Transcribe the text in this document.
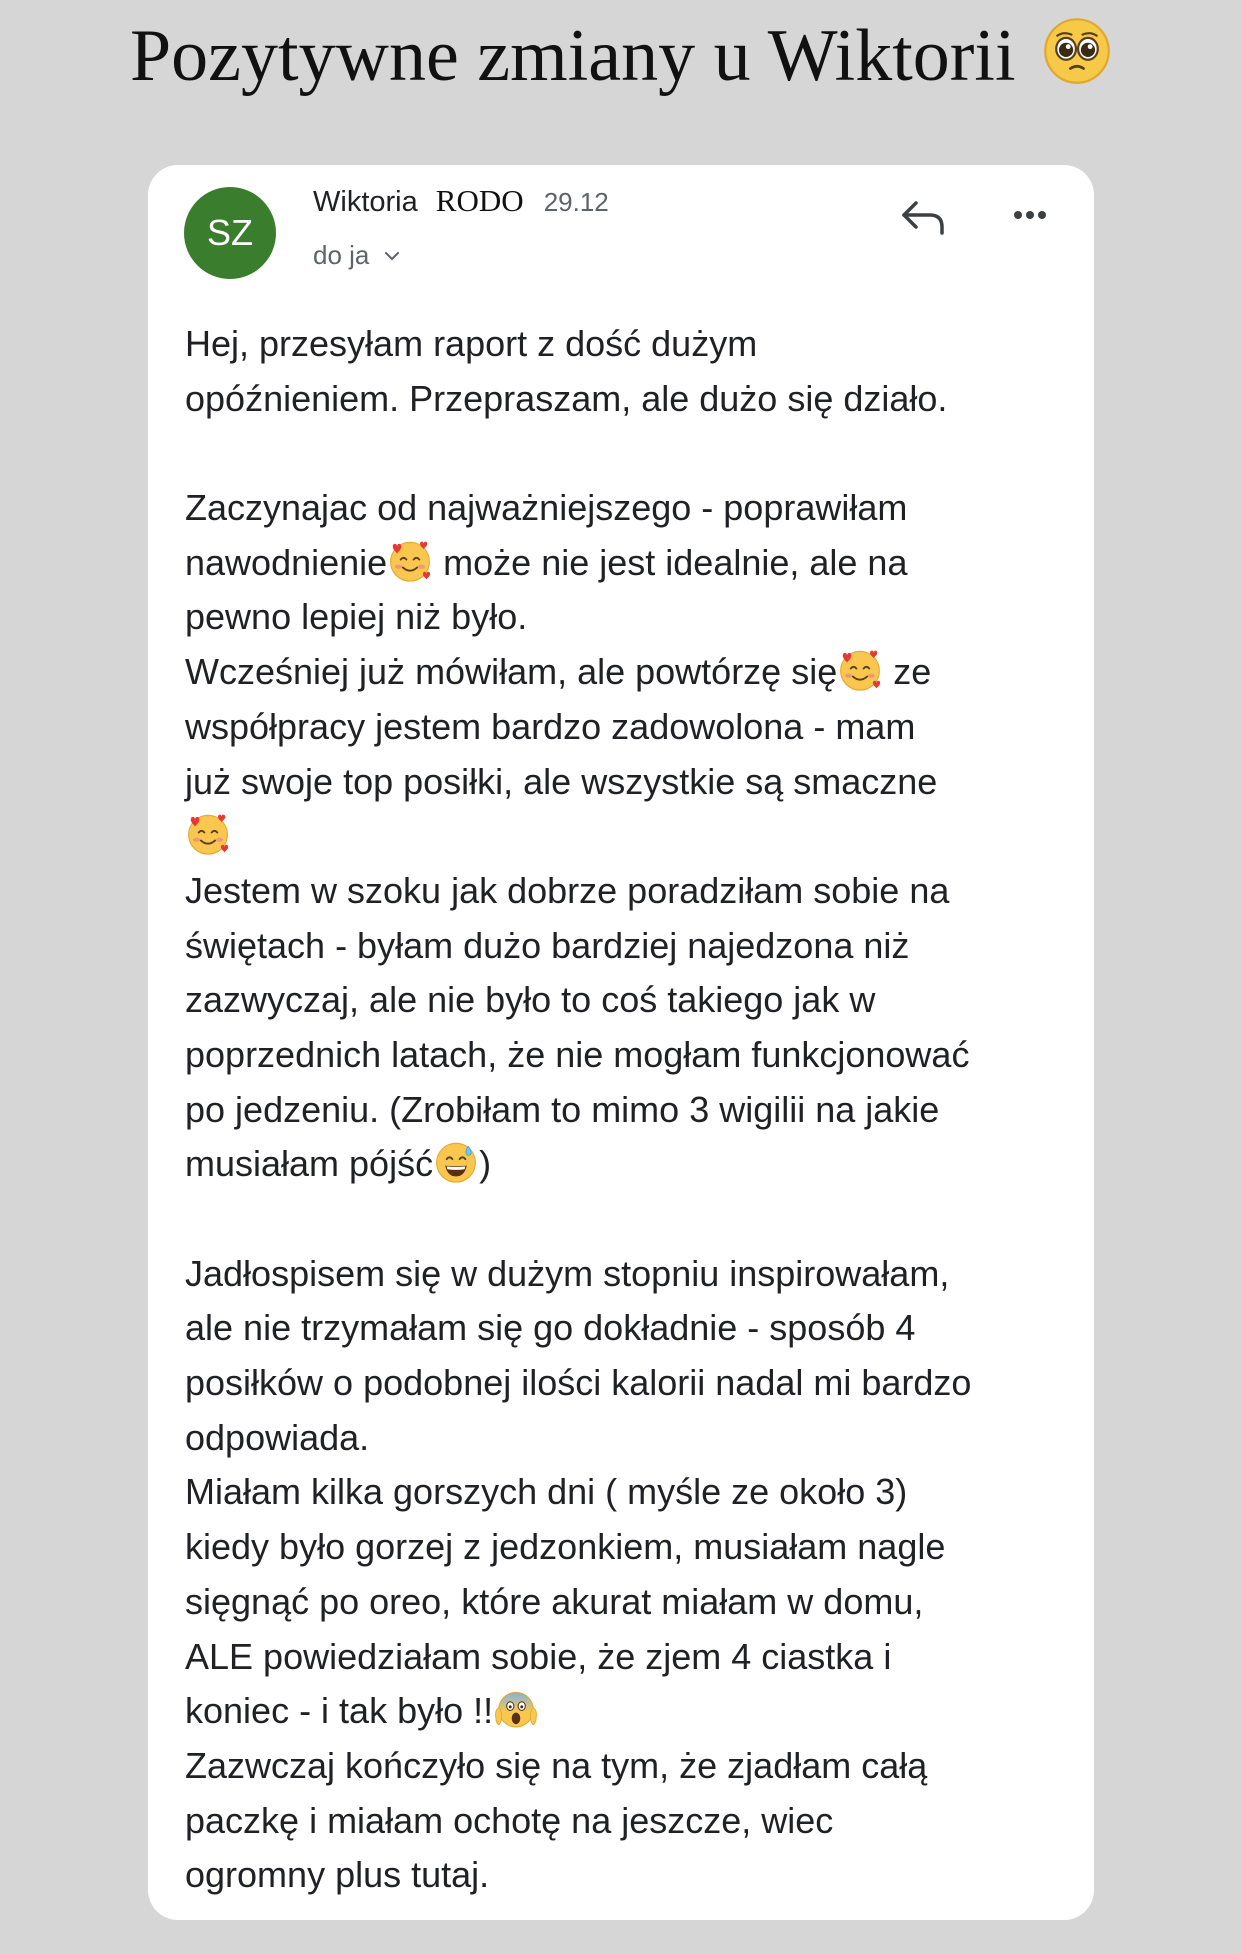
Pozytywne zmiany u Wiktorii
SZ
Wiktoria RODO 29.12
do ja
Hej, przesyłam raport z dość dużym
opóźnieniem. Przepraszam, ale dużo się działo.
Zaczynajac od najważniejszego - poprawiłam
nawodnienie może nie jest idealnie, ale na
pewno lepiej niż było.
Wcześniej już mówiłam, ale powtórzę się ze
współpracy jestem bardzo zadowolona - mam
już swoje top posiłki, ale wszystkie są smaczne
Jestem w szoku jak dobrze poradziłam sobie na
świętach - byłam dużo bardziej najedzona niż
zazwyczaj, ale nie było to coś takiego jak w
poprzednich latach, że nie mogłam funkcjonować
po jedzeniu. (Zrobiłam to mimo 3 wigilii na jakie
musiałam pójść )
Jadłospisem się w dużym stopniu inspirowałam,
ale nie trzymałam się go dokładnie - sposób 4
posiłków o podobnej ilości kalorii nadal mi bardzo
odpowiada.
Miałam kilka gorszych dni ( myśle ze około 3)
kiedy było gorzej z jedzonkiem, musiałam nagle
sięgnąć po oreo, które akurat miałam w domu,
ALE powiedziałam sobie, że zjem 4 ciastka i
koniec - i tak było !!
Zazwczaj kończyło się na tym, że zjadłam całą
paczkę i miałam ochotę na jeszcze, wiec
ogromny plus tutaj.
